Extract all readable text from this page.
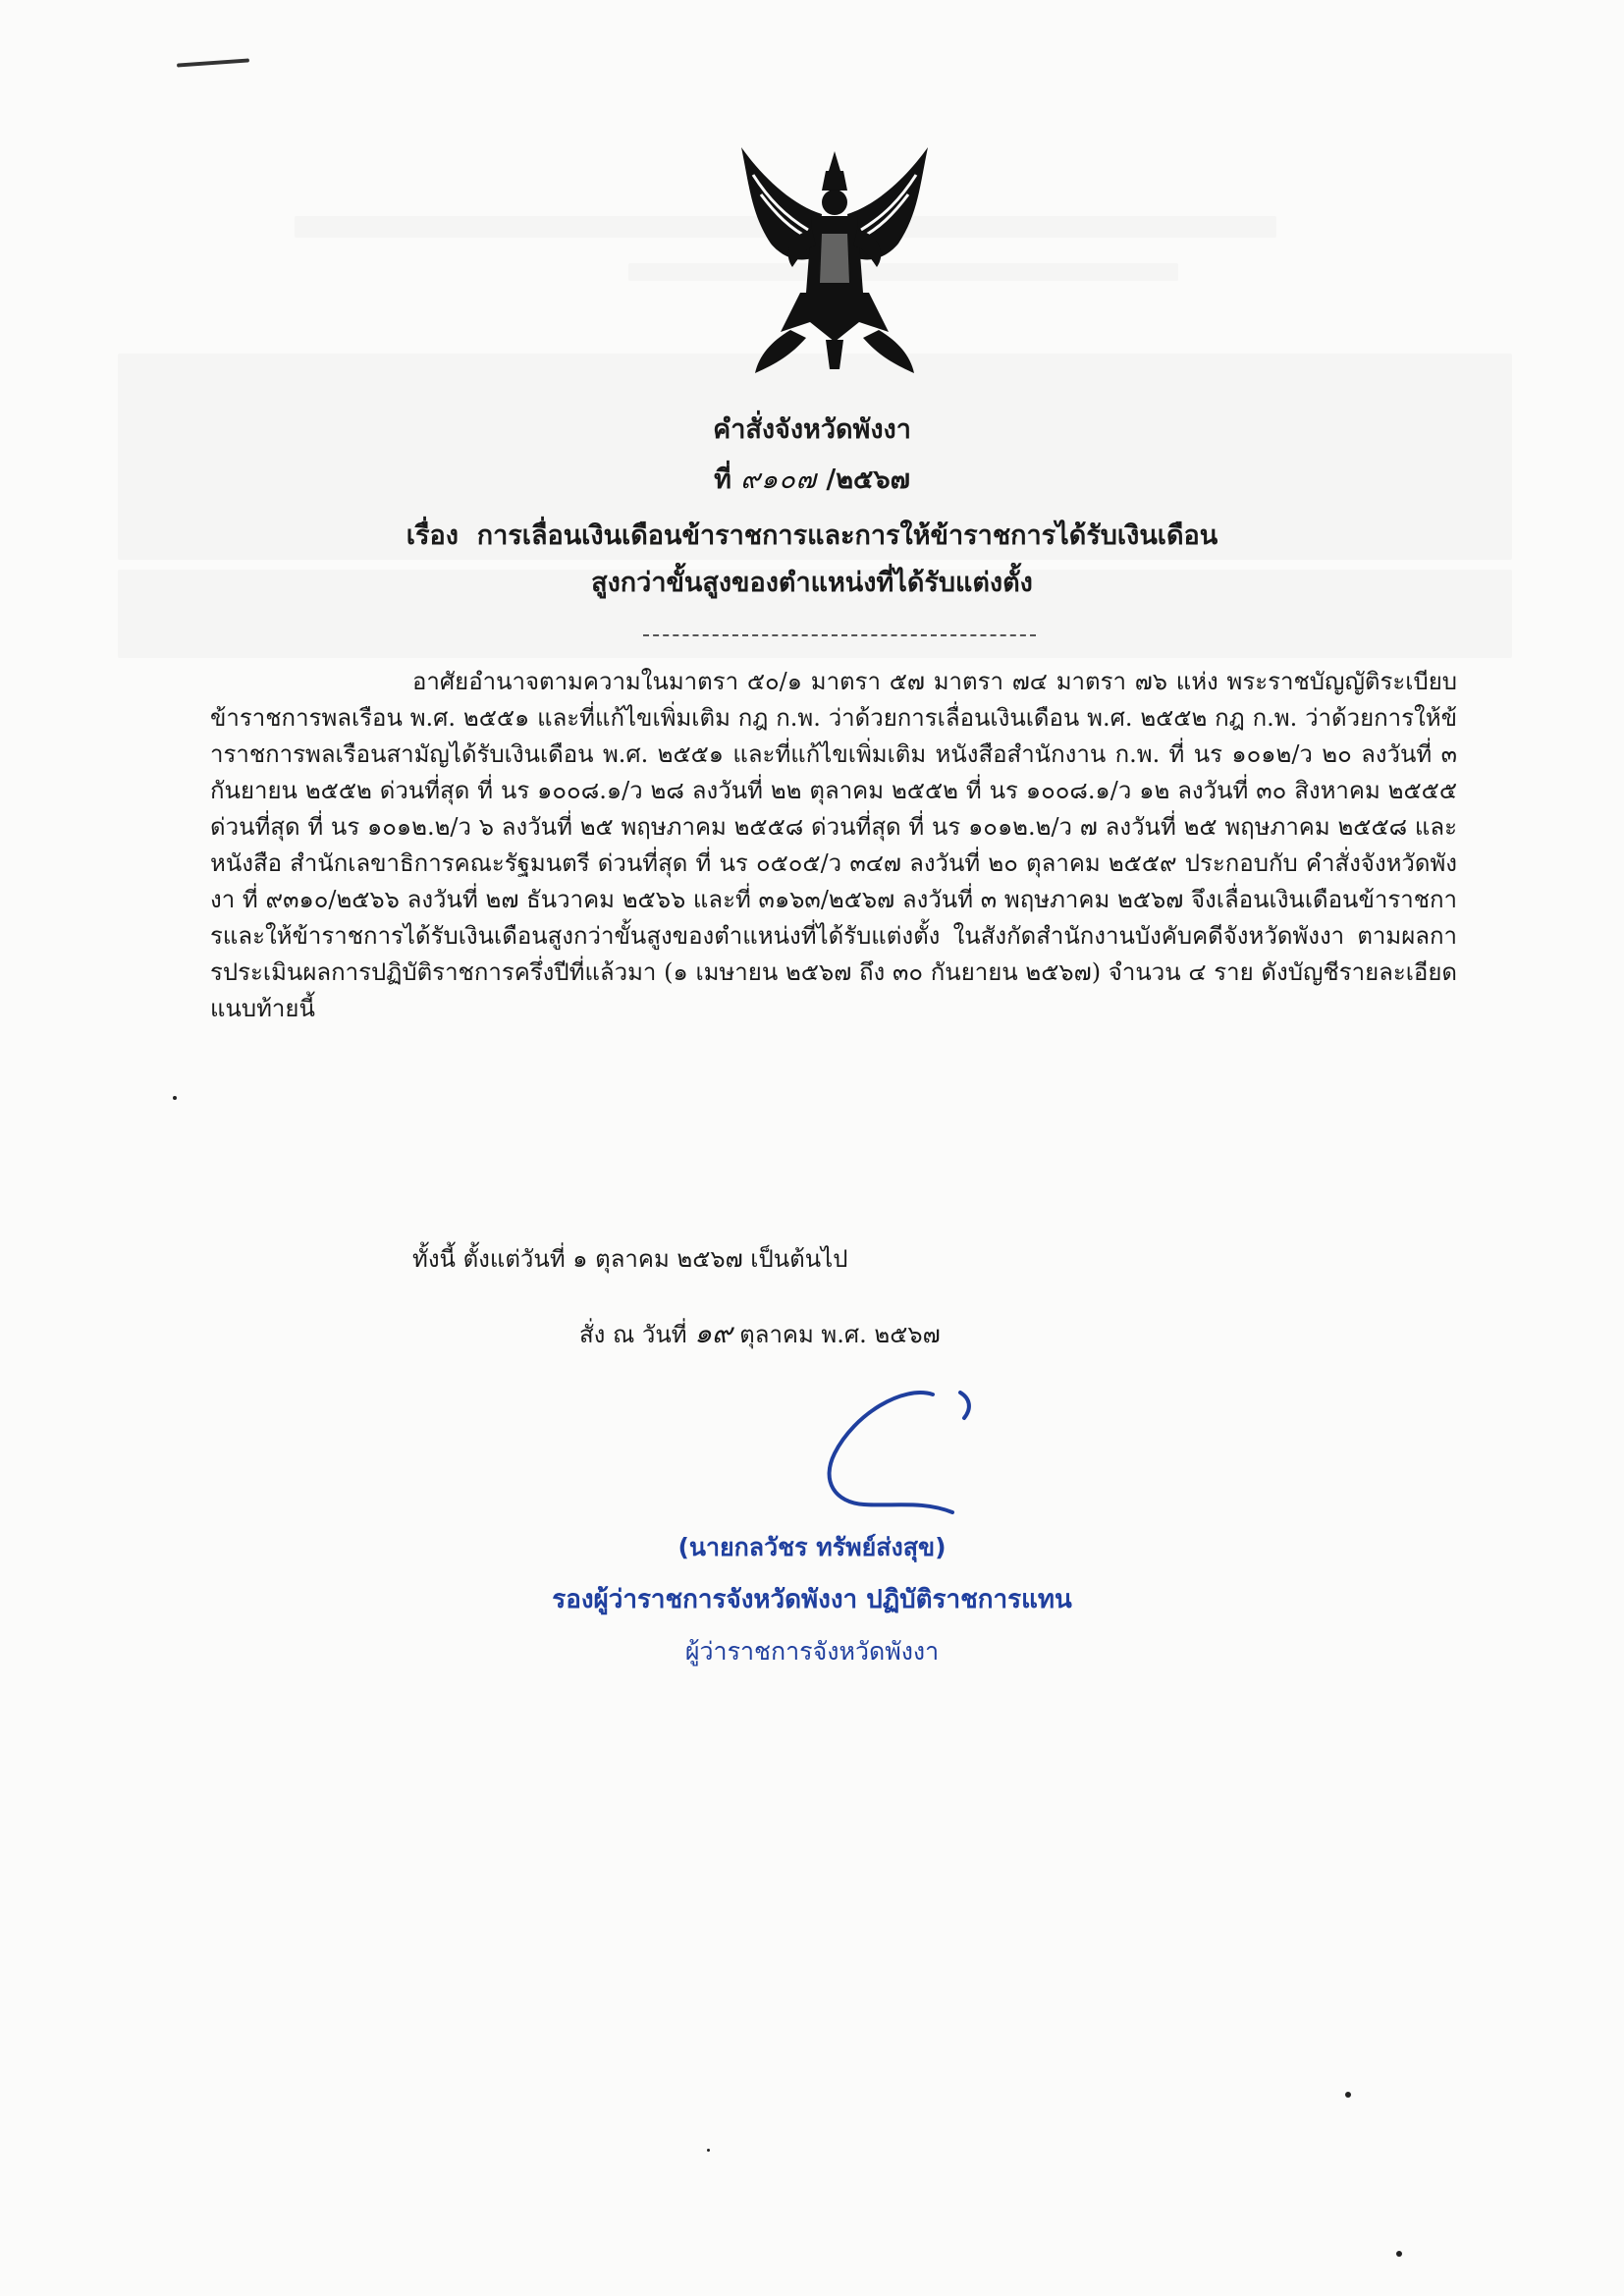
คำสั่งจังหวัดพังงา
ที่ ๙๑๐๗ /๒๕๖๗
เรื่อง การเลื่อนเงินเดือนข้าราชการและการให้ข้าราชการได้รับเงินเดือน
สูงกว่าขั้นสูงของตำแหน่งที่ได้รับแต่งตั้ง
อาศัยอำนาจตามความในมาตรา ๕๐/๑ มาตรา ๕๗ มาตรา ๗๔ มาตรา ๗๖ แห่ง พระราชบัญญัติระเบียบข้าราชการพลเรือน พ.ศ. ๒๕๕๑ และที่แก้ไขเพิ่มเติม กฎ ก.พ. ว่าด้วยการเลื่อนเงินเดือน พ.ศ. ๒๕๕๒ กฎ ก.พ. ว่าด้วยการให้ข้าราชการพลเรือนสามัญได้รับเงินเดือน พ.ศ. ๒๕๕๑ และที่แก้ไขเพิ่มเติม หนังสือสำนักงาน ก.พ. ที่ นร ๑๐๑๒/ว ๒๐ ลงวันที่ ๓ กันยายน ๒๕๕๒ ด่วนที่สุด ที่ นร ๑๐๐๘.๑/ว ๒๘ ลงวันที่ ๒๒ ตุลาคม ๒๕๕๒ ที่ นร ๑๐๐๘.๑/ว ๑๒ ลงวันที่ ๓๐ สิงหาคม ๒๕๕๕ ด่วนที่สุด ที่ นร ๑๐๑๒.๒/ว ๖ ลงวันที่ ๒๕ พฤษภาคม ๒๕๕๘ ด่วนที่สุด ที่ นร ๑๐๑๒.๒/ว ๗ ลงวันที่ ๒๕ พฤษภาคม ๒๕๕๘ และหนังสือ สำนักเลขาธิการคณะรัฐมนตรี ด่วนที่สุด ที่ นร ๐๕๐๕/ว ๓๔๗ ลงวันที่ ๒๐ ตุลาคม ๒๕๕๙ ประกอบกับ คำสั่งจังหวัดพังงา ที่ ๙๓๑๐/๒๕๖๖ ลงวันที่ ๒๗ ธันวาคม ๒๕๖๖ และที่ ๓๑๖๓/๒๕๖๗ ลงวันที่ ๓ พฤษภาคม ๒๕๖๗ จึงเลื่อนเงินเดือนข้าราชการและให้ข้าราชการได้รับเงินเดือนสูงกว่าขั้นสูงของตำแหน่งที่ได้รับแต่งตั้ง ในสังกัดสำนักงานบังคับคดีจังหวัดพังงา ตามผลการประเมินผลการปฏิบัติราชการครึ่งปีที่แล้วมา (๑ เมษายน ๒๕๖๗ ถึง ๓๐ กันยายน ๒๕๖๗) จำนวน ๔ ราย ดังบัญชีรายละเอียดแนบท้ายนี้
ทั้งนี้ ตั้งแต่วันที่ ๑ ตุลาคม ๒๕๖๗ เป็นต้นไป
สั่ง ณ วันที่ ๑๙ ตุลาคม พ.ศ. ๒๕๖๗
(นายกลวัชร ทรัพย์ส่งสุข)
รองผู้ว่าราชการจังหวัดพังงา ปฏิบัติราชการแทน
ผู้ว่าราชการจังหวัดพังงา
